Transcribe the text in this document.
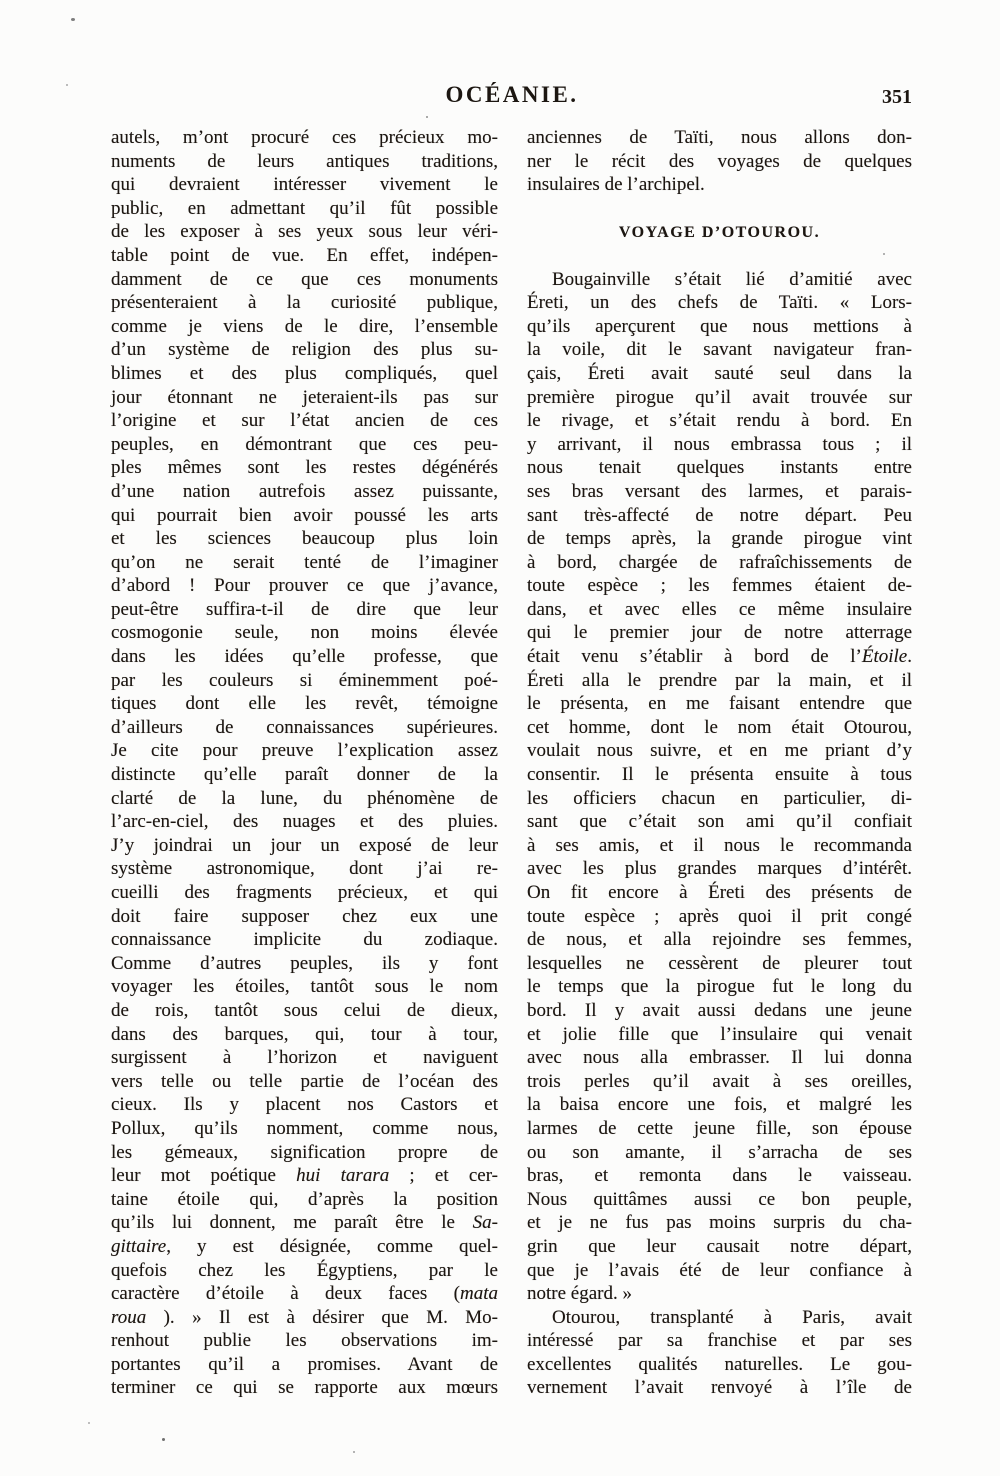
OCÉANIE.	351
autels, m’ont procuré ces précieux mo-
numents de leurs antiques traditions,
qui devraient intéresser vivement le
public, en admettant qu’il fût possible
de les exposer à ses yeux sous leur véri-
table point de vue. En effet, indépen-
damment de ce que ces monuments
présenteraient à la curiosité publique,
comme je viens de le dire, l’ensemble
d’un système de religion des plus su-
blimes et des plus compliqués, quel
jour étonnant ne jeteraient-ils pas sur
l’origine et sur l’état ancien de ces
peuples, en démontrant que ces peu-
ples mêmes sont les restes dégénérés
d’une nation autrefois assez puissante,
qui pourrait bien avoir poussé les arts
et les sciences beaucoup plus loin
qu’on ne serait tenté de l’imaginer
d’abord ! Pour prouver ce que j’avance,
peut-être suffira-t-il de dire que leur
cosmogonie seule, non moins élevée
dans les idées qu’elle professe, que
par les couleurs si éminemment poé-
tiques dont elle les revêt, témoigne
d’ailleurs de connaissances supérieures.
Je cite pour preuve l’explication assez
distincte qu’elle paraît donner de la
clarté de la lune, du phénomène de
l’arc-en-ciel, des nuages et des pluies.
J’y joindrai un jour un exposé de leur
système astronomique, dont j’ai re-
cueilli des fragments précieux, et qui
doit faire supposer chez eux une
connaissance implicite du zodiaque.
Comme d’autres peuples, ils y font
voyager les étoiles, tantôt sous le nom
de rois, tantôt sous celui de dieux,
dans des barques, qui, tour à tour,
surgissent à l’horizon et naviguent
vers telle ou telle partie de l’océan des
cieux. Ils y placent nos Castors et
Pollux, qu’ils nomment, comme nous,
les gémeaux, signification propre de
leur mot poétique hui tarara ; et cer-
taine étoile qui, d’après la position
qu’ils lui donnent, me paraît être le Sa-
gittaire, y est désignée, comme quel-
quefois chez les Égyptiens, par le
caractère d’étoile à deux faces (mata
roua ). » Il est à désirer que M. Mo-
renhout publie les observations im-
portantes qu’il a promises. Avant de
terminer ce qui se rapporte aux mœurs
anciennes de Taïti, nous allons don-
ner le récit des voyages de quelques
insulaires de l’archipel.
VOYAGE D’OTOUROU.
Bougainville s’était lié d’amitié avec
Éreti, un des chefs de Taïti. « Lors-
qu’ils aperçurent que nous mettions à
la voile, dit le savant navigateur fran-
çais, Éreti avait sauté seul dans la
première pirogue qu’il avait trouvée sur
le rivage, et s’était rendu à bord. En
y arrivant, il nous embrassa tous ; il
nous tenait quelques instants entre
ses bras versant des larmes, et parais-
sant très-affecté de notre départ. Peu
de temps après, la grande pirogue vint
à bord, chargée de rafraîchissements de
toute espèce ; les femmes étaient de-
dans, et avec elles ce même insulaire
qui le premier jour de notre atterrage
était venu s’établir à bord de l’Étoile.
Éreti alla le prendre par la main, et il
le présenta, en me faisant entendre que
cet homme, dont le nom était Otourou,
voulait nous suivre, et en me priant d’y
consentir. Il le présenta ensuite à tous
les officiers chacun en particulier, di-
sant que c’était son ami qu’il confiait
à ses amis, et il nous le recommanda
avec les plus grandes marques d’intérêt.
On fit encore à Éreti des présents de
toute espèce ; après quoi il prit congé
de nous, et alla rejoindre ses femmes,
lesquelles ne cessèrent de pleurer tout
le temps que la pirogue fut le long du
bord. Il y avait aussi dedans une jeune
et jolie fille que l’insulaire qui venait
avec nous alla embrasser. Il lui donna
trois perles qu’il avait à ses oreilles,
la baisa encore une fois, et malgré les
larmes de cette jeune fille, son épouse
ou son amante, il s’arracha de ses
bras, et remonta dans le vaisseau.
Nous quittâmes aussi ce bon peuple,
et je ne fus pas moins surpris du cha-
grin que leur causait notre départ,
que je l’avais été de leur confiance à
notre égard. »
Otourou, transplanté à Paris, avait
intéressé par sa franchise et par ses
excellentes qualités naturelles. Le gou-
vernement l’avait renvoyé à l’île de
